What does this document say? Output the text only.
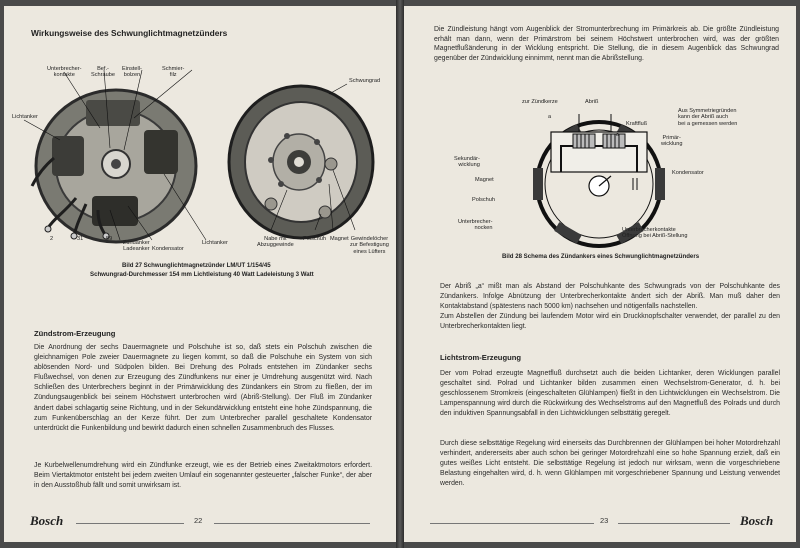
Wirkungsweise des Schwunglichtmagnetzünders
Unterbrecher-
kontakte
Bef.-
Schraube
Einstell-
bolzen
Schmier-
filz
Schwungrad
Lichtanker
2	31	59
Zündanker
Ladeanker Kondensator
Lichtanker
Nabe mit
Abzuggewinde
Polschuh Magnet Gewindelöcher
zur Befestigung
eines Lüfters
Bild 27 Schwunglichtmagnetzünder LM/UT 1/154/45
Schwungrad-Durchmesser 154 mm Lichtleistung 40 Watt Ladeleistung 3 Watt
Zündstrom-Erzeugung

Die Anordnung der sechs Dauermagnete und Polschuhe ist so, daß stets ein Polschuh zwischen die gleichnamigen Pole zweier Dauermagnete zu liegen kommt, so daß die Polschuhe ein System von sich ablösenden Nord- und Südpolen bilden. Bei Drehung des Polrads entstehen im Zündanker sechs Flußwechsel, von denen zur Erzeugung des Zündfunkens nur einer je Umdrehung ausgenützt wird. Nach Schließen des Unterbrechers beginnt in der Primärwicklung des Zündankers ein Strom zu fließen, der im Zündungsaugenblick bei seinem Höchstwert unterbrochen wird (Abriß-Stellung). Der Fluß im Zündanker ändert dabei schlagartig seine Richtung, und in der Sekundärwicklung entsteht eine hohe Zündspannung, die zum Funkenüberschlag an der Kerze führt. Der zum Unterbrecher parallel geschaltete Kondensator unterdrückt die Funkenbildung und bewirkt dadurch einen schnellen Zusammenbruch des Flusses.

Je Kurbelwellenumdrehung wird ein Zündfunke erzeugt, wie es der Betrieb eines Zweitaktmotors erfordert. Beim Viertaktmotor entsteht bei jedem zweiten Umlauf ein sogenannter gesteuerter „falscher Funke“, der aber in den Ausstoßhub fällt und somit unwirksam ist.

Bosch	22

Die Zündleistung hängt vom Augenblick der Stromunterbrechung im Primärkreis ab. Die größte Zündleistung erhält man dann, wenn der Primärstrom bei seinem Höchstwert unterbrochen wird, was der größten Magnetflußänderung in der Wicklung entspricht. Die Stellung, die in diesem Augenblick das Schwungrad gegenüber der Zündwicklung einnimmt, nennt man die Abrißstellung.

zur Zündkerze	Abriß
Aus Symmetriegründen
kann der Abriß auch
bei a gemessen werden
Kraftfluß
Primär-
wicklung
Sekundär-
wicklung
Kondensator
Magnet
Polschuh
Unterbrecher-
nocken	Unterbrecherkontakte
Öffnung bei Abriß-Stellung
a
a
Bild 28 Schema des Zündankers eines Schwunglichtmagnetzünders

Der Abriß „a“ mißt man als Abstand der Polschuhkante des Schwungrads von der Polschuhkante des Zündankers. Infolge Abnützung der Unterbrecherkontakte ändert sich der Abriß. Man muß daher den Kontaktabstand (spätestens nach 5000 km) nachsehen und nötigenfalls nachstellen.
Zum Abstellen der Zündung bei laufendem Motor wird ein Druckknopfschalter verwendet, der parallel zu den Unterbrecherkontakten liegt.

Lichtstrom-Erzeugung

Der vom Polrad erzeugte Magnetfluß durchsetzt auch die beiden Lichtanker, deren Wicklungen parallel geschaltet sind. Polrad und Lichtanker bilden zusammen einen Wechselstrom-Generator, d. h. bei geschlossenem Stromkreis (eingeschalteten Glühlampen) fließt in den Lichtwicklungen ein Wechselstrom. Die Lampenspannung wird durch die Rückwirkung des Wechselstroms auf den Magnetfluß des Polrads und durch den induktiven Spannungsabfall in den Lichtwicklungen selbsttätig geregelt.

Durch diese selbsttätige Regelung wird einerseits das Durchbrennen der Glühlampen bei hoher Motordrehzahl verhindert, andererseits aber auch schon bei geringer Motordrehzahl eine so hohe Spannung erzielt, daß ein gutes weißes Licht entsteht. Die selbsttätige Regelung ist jedoch nur wirksam, wenn die vorgeschriebene Belastung eingehalten wird, d. h. wenn Glühlampen mit vorgeschriebener Spannung und Leistung verwendet werden.

23	Bosch
